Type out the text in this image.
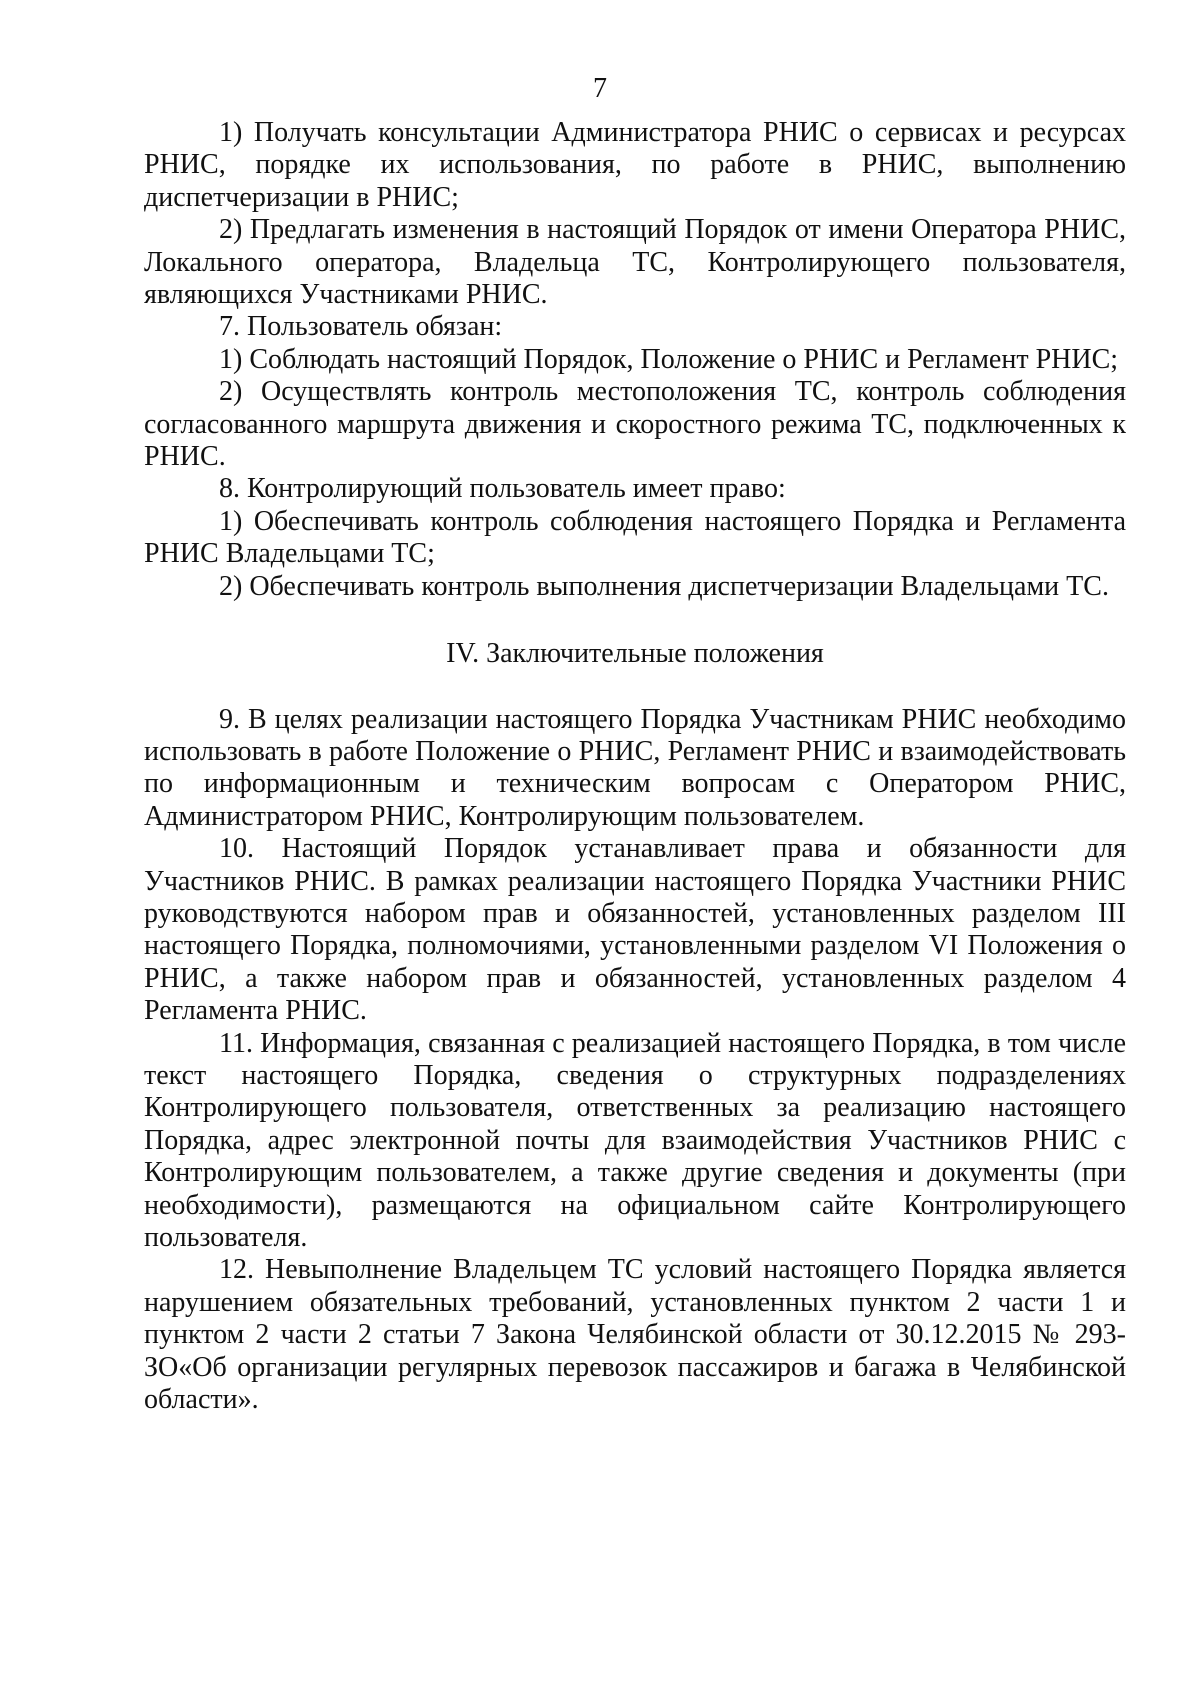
7

1) Получать консультации Администратора РНИС о сервисах и ресурсах РНИС, порядке их использования, по работе в РНИС, выполнению диспетчеризации в РНИС;

2) Предлагать изменения в настоящий Порядок от имени Оператора РНИС, Локального оператора, Владельца ТС, Контролирующего пользователя, являющихся Участниками РНИС.

7. Пользователь обязан:

1) Соблюдать настоящий Порядок, Положение о РНИС и Регламент РНИС;

2) Осуществлять контроль местоположения ТС, контроль соблюдения согласованного маршрута движения и скоростного режима ТС, подключенных к РНИС.

8. Контролирующий пользователь имеет право:

1) Обеспечивать контроль соблюдения настоящего Порядка и Регламента РНИС Владельцами ТС;

2) Обеспечивать контроль выполнения диспетчеризации Владельцами ТС.

IV. Заключительные положения

9. В целях реализации настоящего Порядка Участникам РНИС необходимо использовать в работе Положение о РНИС, Регламент РНИС и взаимодействовать по информационным и техническим вопросам с Оператором РНИС, Администратором РНИС, Контролирующим пользователем.

10. Настоящий Порядок устанавливает права и обязанности для Участников РНИС. В рамках реализации настоящего Порядка Участники РНИС руководствуются набором прав и обязанностей, установленных разделом III настоящего Порядка, полномочиями, установленными разделом VI Положения о РНИС, а также набором прав и обязанностей, установленных разделом 4 Регламента РНИС.

11. Информация, связанная с реализацией настоящего Порядка, в том числе текст настоящего Порядка, сведения о структурных подразделениях Контролирующего пользователя, ответственных за реализацию настоящего Порядка, адрес электронной почты для взаимодействия Участников РНИС с Контролирующим пользователем, а также другие сведения и документы (при необходимости), размещаются на официальном сайте Контролирующего пользователя.

12. Невыполнение Владельцем ТС условий настоящего Порядка является нарушением обязательных требований, установленных пунктом 2 части 1 и пунктом 2 части 2 статьи 7 Закона Челябинской области от 30.12.2015 № 293-ЗО«Об организации регулярных перевозок пассажиров и багажа в Челябинской области».
